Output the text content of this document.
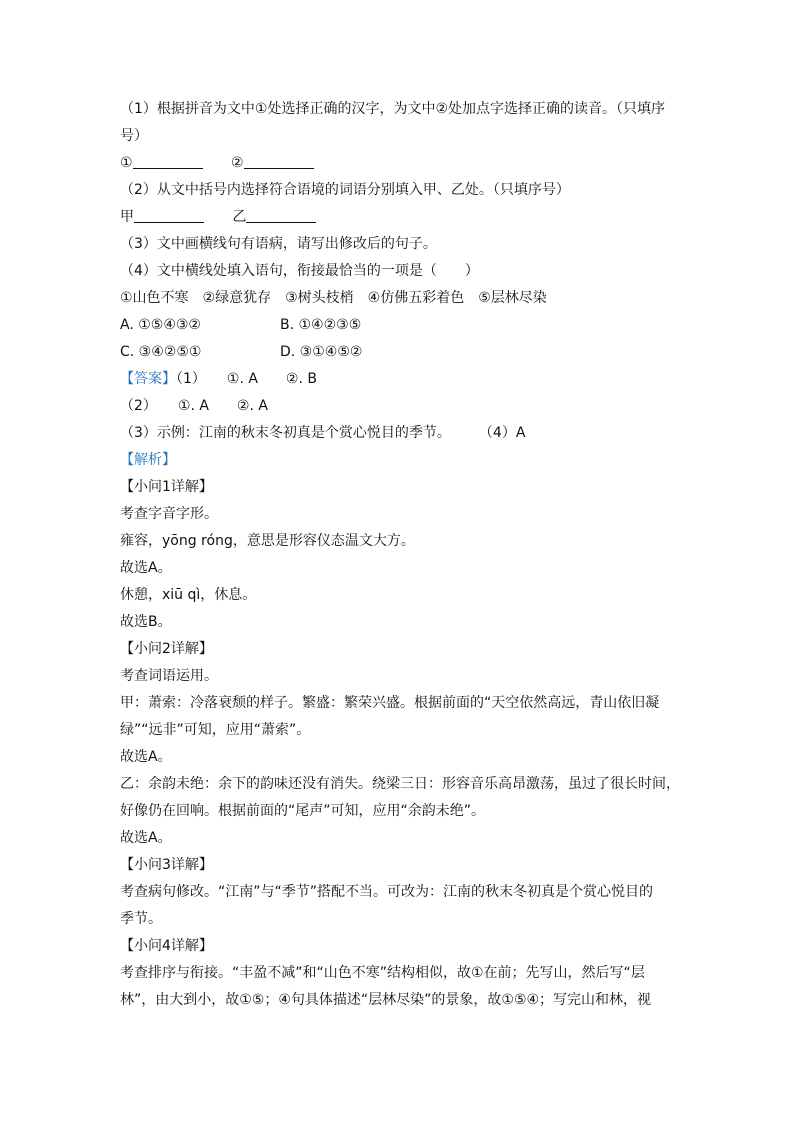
（1）根据拼音为文中①处选择正确的汉字，为文中②处加点字选择正确的读音。（只填序号）
①	②
（2）从文中括号内选择符合语境的词语分别填入甲、乙处。（只填序号）
甲	乙
（3）文中画横线句有语病，请写出修改后的句子。
（4）文中横线处填入语句，衔接最恰当的一项是（　　）
①山色不寒　②绿意犹存　③树头枝梢　④仿佛五彩着色　⑤层林尽染
A. ①⑤④③②	B. ①④②③⑤
C. ③④②⑤①	D. ③①④⑤②
【答案】（1）　　①. A　　②. B
（2）　　①. A　　②. A
（3）示例：江南的秋末冬初真是个赏心悦目的季节。 （4）A
【解析】
【小问1详解】
考查字音字形。
雍容，yōng róng，意思是形容仪态温文大方。
故选A。
休憩，xiū qì，休息。
故选B。
【小问2详解】
考查词语运用。
甲：萧索：冷落衰颓的样子。繁盛：繁荣兴盛。根据前面的“天空依然高远，青山依旧凝
绿”“远非”可知，应用“萧索”。
故选A。
乙：余韵未绝：余下的韵味还没有消失。绕梁三日：形容音乐高昂激荡，虽过了很长时间，
好像仍在回响。根据前面的“尾声”可知，应用“余韵未绝”。
故选A。
【小问3详解】
考查病句修改。“江南”与“季节”搭配不当。可改为：江南的秋末冬初真是个赏心悦目的
季节。
【小问4详解】
考查排序与衔接。“丰盈不减”和“山色不寒”结构相似，故①在前；先写山，然后写“层
林”，由大到小，故①⑤；④句具体描述“层林尽染”的景象，故①⑤④；写完山和林，视
